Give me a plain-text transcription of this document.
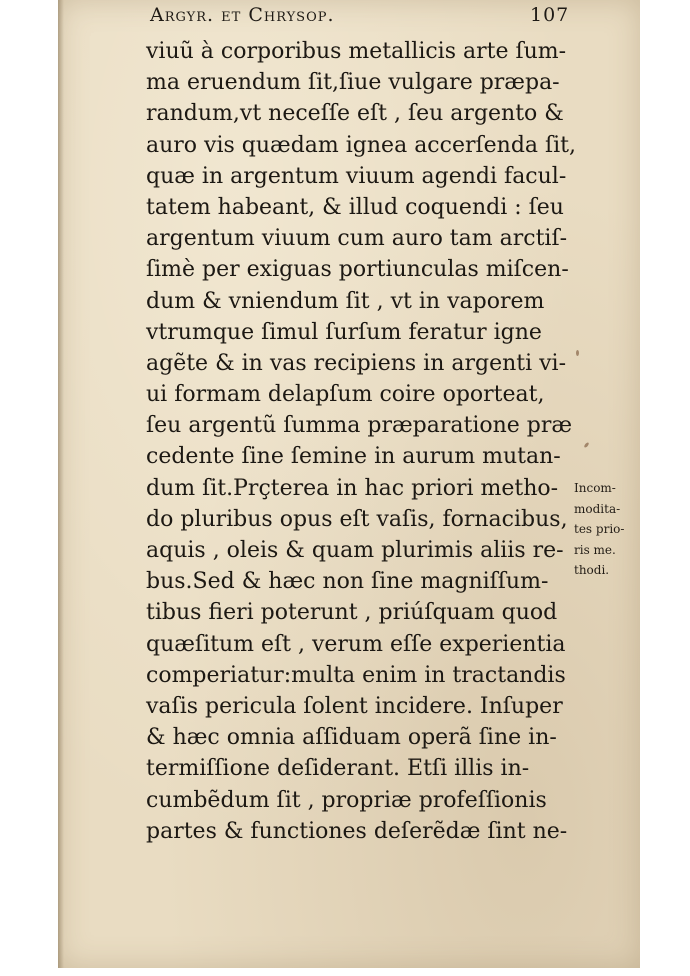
Argyr. et Chrysop.	107
viuũ à corporibus metallicis arte ſum-
ma eruendum ſit,ſiue vulgare præpa-
randum,vt neceſſe eſt , ſeu argento &
auro vis quædam ignea accerſenda ſit,
quæ in argentum viuum agendi facul-
tatem habeant, & illud coquendi : ſeu
argentum viuum cum auro tam arctiſ-
ſimè per exiguas portiunculas miſcen-
dum & vniendum ſit , vt in vaporem
vtrumque ſimul ſurſum feratur igne
agẽte & in vas recipiens in argenti vi-
ui formam delapſum coire oporteat,
ſeu argentũ ſumma præparatione præ
cedente ſine ſemine in aurum mutan-
dum ſit.Prçterea in hac priori metho-
do pluribus opus eſt vaſis, fornacibus,
aquis , oleis & quam plurimis aliis re-
bus.Sed & hæc non ſine magniſſum-
tibus fieri poterunt , priúſquam quod
quæſitum eſt , verum eſſe experientia
comperiatur:multa enim in tractandis
vaſis pericula ſolent incidere. Inſuper
& hæc omnia aſſiduam operã ſine in-
termiſſione deſiderant. Etſi illis in-
cumbẽdum ſit , propriæ profeſſionis
partes & functiones deſerẽdæ ſint ne-
Incom-
modita-
tes prio-
ris me.
thodi.
